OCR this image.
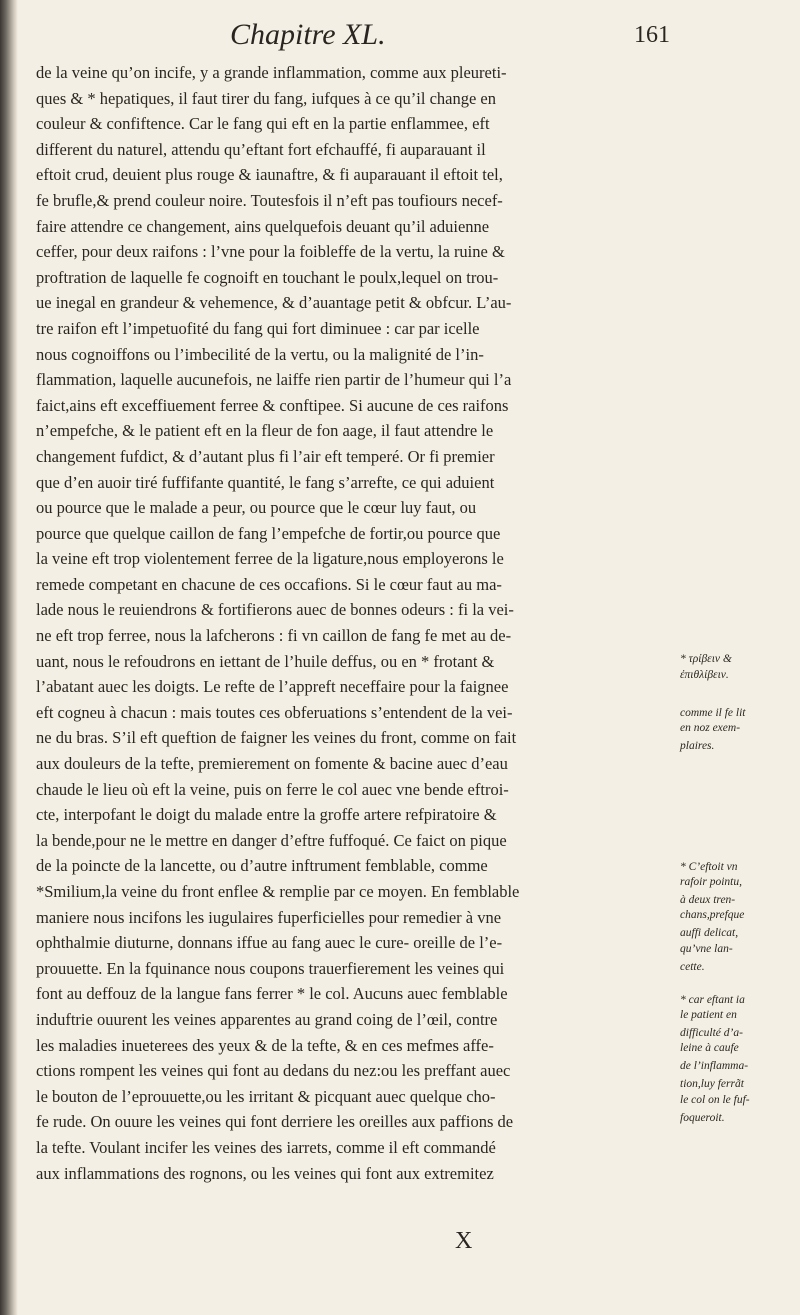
Chapitre XL.	161
de la veine qu’on incife, y a grande inflammation, comme aux pleureti-
ques & * hepatiques, il faut tirer du fang, iufques à ce qu’il change en
couleur & confiftence. Car le fang qui eft en la partie enflammee, eft
different du naturel, attendu qu’eftant fort efchauffé, fi auparauant il
eftoit crud, deuient plus rouge & iaunaftre, & fi auparauant il eftoit tel,
fe brufle,& prend couleur noire. Toutesfois il n’eft pas toufiours necef-
faire attendre ce changement, ains quelquefois deuant qu’il aduienne
ceffer, pour deux raifons : l’vne pour la foibleffe de la vertu, la ruine &
proftration de laquelle fe cognoift en touchant le poulx,lequel on trou-
ue inegal en grandeur & vehemence, & d’auantage petit & obfcur. L’au-
tre raifon eft l’impetuofité du fang qui fort diminuee : car par icelle
nous cognoiffons ou l’imbecilité de la vertu, ou la malignité de l’in-
flammation, laquelle aucunefois, ne laiffe rien partir de l’humeur qui l’a
faict,ains eft exceffiuement ferree & conftipee. Si aucune de ces raifons
n’empefche, & le patient eft en la fleur de fon aage, il faut attendre le
changement fufdict, & d’autant plus fi l’air eft temperé. Or fi premier
que d’en auoir tiré fuffifante quantité, le fang s’arrefte, ce qui aduient
ou pource que le malade a peur, ou pource que le cœur luy faut, ou
pource que quelque caillon de fang l’empefche de fortir,ou pource que
la veine eft trop violentement ferree de la ligature,nous employerons le
remede competant en chacune de ces occafions. Si le cœur faut au ma-
lade nous le reuiendrons & fortifierons auec de bonnes odeurs : fi la vei-
ne eft trop ferree, nous la lafcherons : fi vn caillon de fang fe met au de-
uant, nous le refoudrons en iettant de l’huile deffus, ou en * frotant &
l’abatant auec les doigts. Le refte de l’appreft neceffaire pour la faignee
eft cogneu à chacun : mais toutes ces obferuations s’entendent de la vei-
ne du bras. S’il eft queftion de faigner les veines du front, comme on fait
aux douleurs de la tefte, premierement on fomente & bacine auec d’eau
chaude le lieu où eft la veine, puis on ferre le col auec vne bende eftroi-
cte, interpofant le doigt du malade entre la groffe artere refpiratoire &
la bende,pour ne le mettre en danger d’eftre fuffoqué. Ce faict on pique
de la poincte de la lancette, ou d’autre inftrument femblable, comme
*Smilium,la veine du front enflee & remplie par ce moyen. En femblable
maniere nous incifons les iugulaires fuperficielles pour remedier à vne
ophthalmie diuturne, donnans iffue au fang auec le cure- oreille de l’e-
prouuette. En la fquinance nous coupons trauerfierement les veines qui
font au deffouz de la langue fans ferrer * le col. Aucuns auec femblable
induftrie ouurent les veines apparentes au grand coing de l’œil, contre
les maladies inueterees des yeux & de la tefte, & en ces mefmes affe-
ctions rompent les veines qui font au dedans du nez:ou les preffant auec
le bouton de l’eprouuette,ou les irritant & picquant auec quelque cho-
fe rude. On ouure les veines qui font derriere les oreilles aux paffions de
la tefte. Voulant incifer les veines des iarrets, comme il eft commandé
aux inflammations des rognons, ou les veines qui font aux extremitez
* τρίβειν &
ἐπιθλίβειν.
comme il fe lit
en noz exem-
plaires.
* C’eftoit vn
rafoir pointu,
à deux tren-
chans,prefque
auffi delicat,
qu’vne lan-
cette.
* car eftant ia
le patient en
difficulté d’a-
leine à caufe
de l’inflamma-
tion,luy ferrãt
le col on le fuf-
foqueroit.
X
